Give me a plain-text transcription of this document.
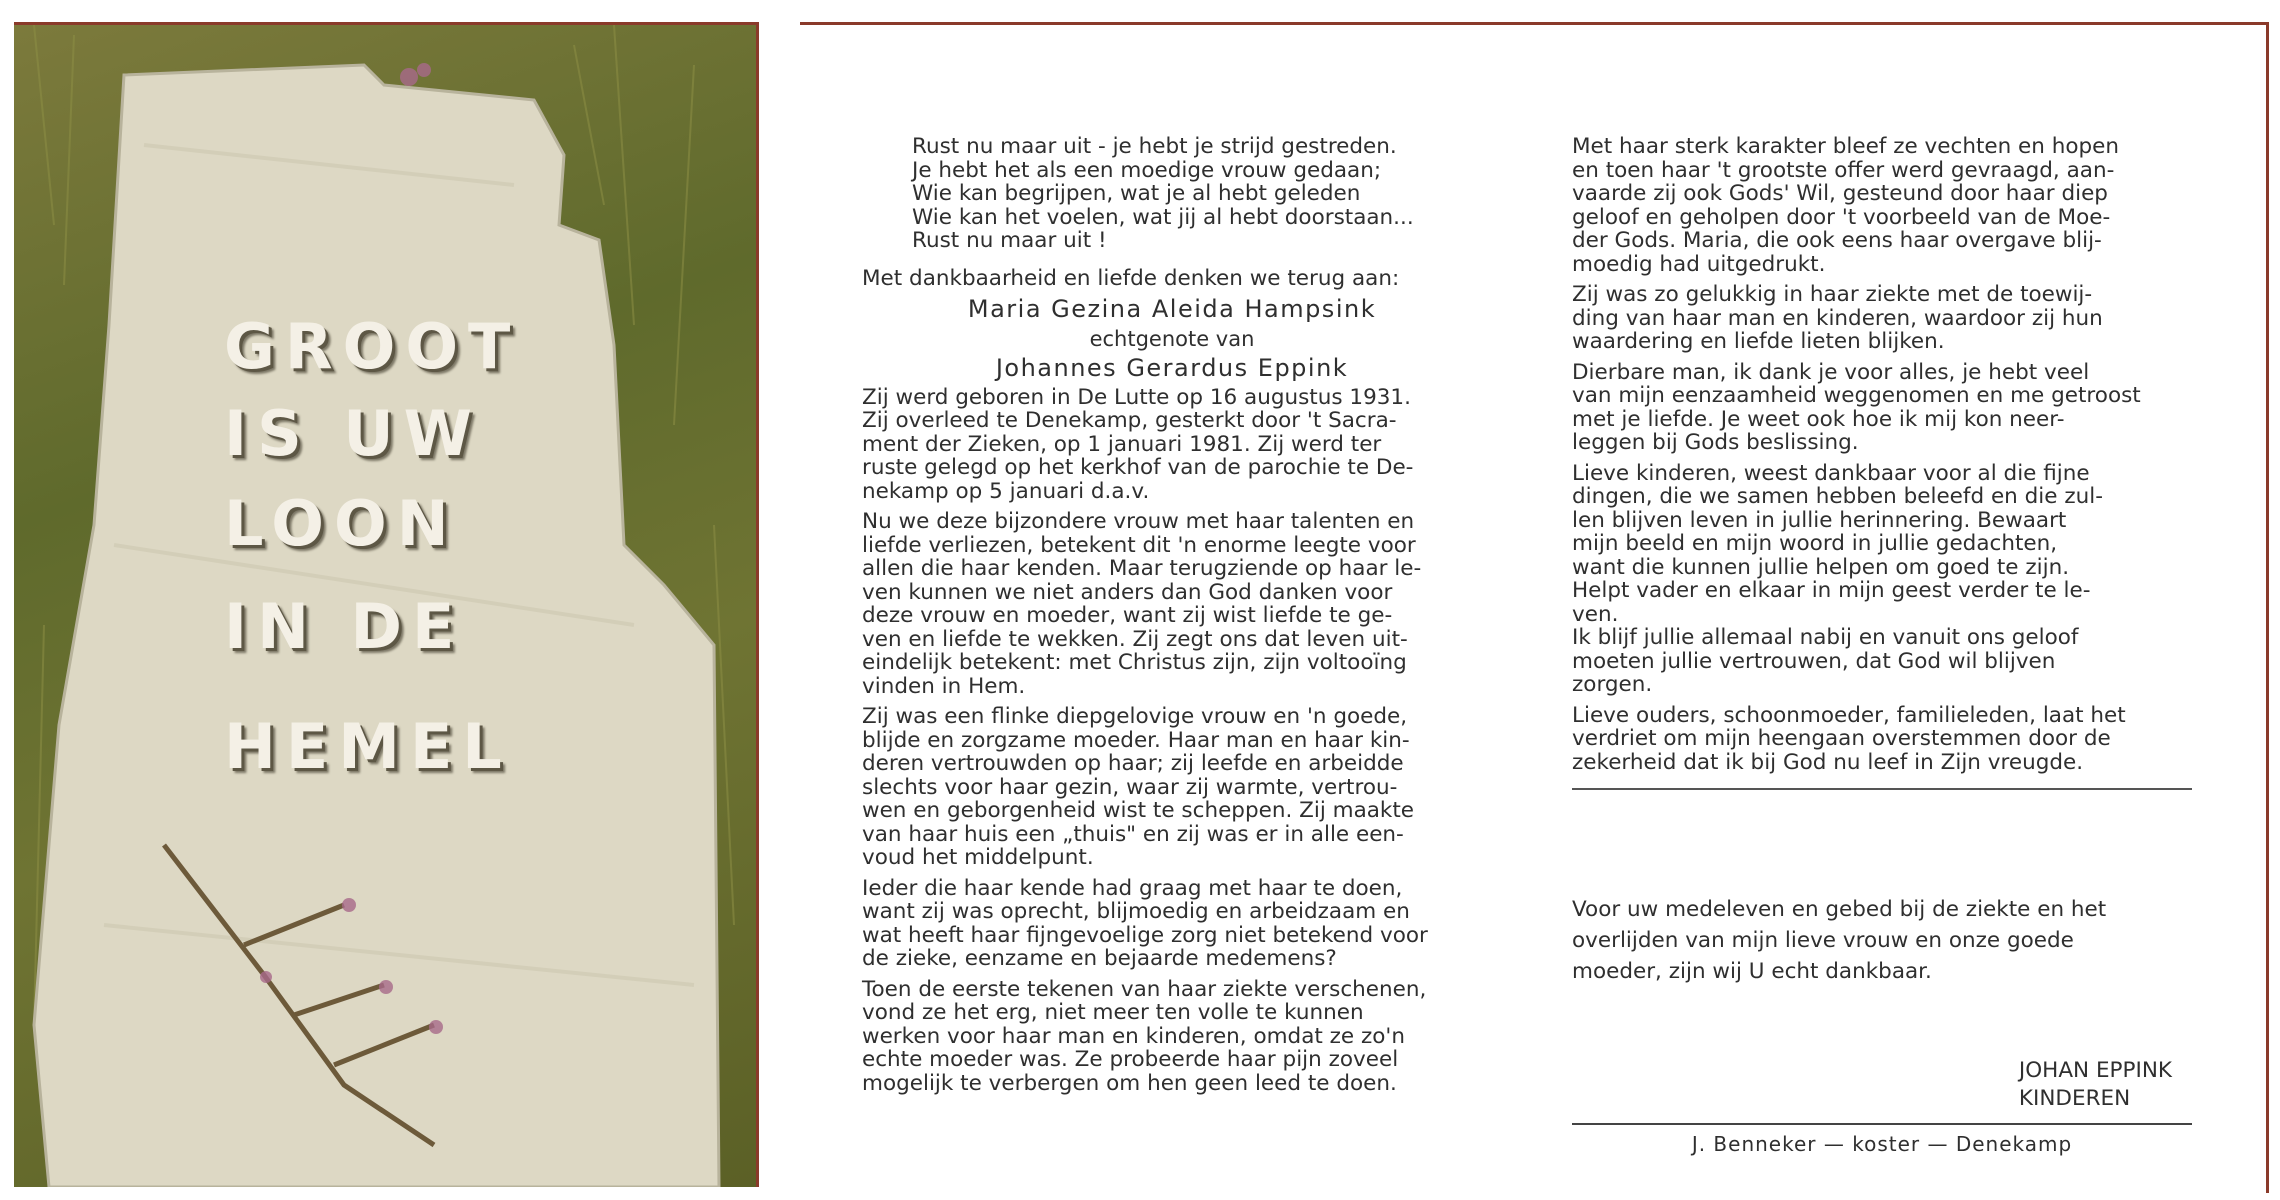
GROOT
IS UW
LOON
IN DE
HEMEL
Rust nu maar uit - je hebt je strijd gestreden.
Je hebt het als een moedige vrouw gedaan;
Wie kan begrijpen, wat je al hebt geleden
Wie kan het voelen, wat jij al hebt doorstaan...
Rust nu maar uit !
Met dankbaarheid en liefde denken we terug aan:
Maria Gezina Aleida Hampsink
echtgenote van
Johannes Gerardus Eppink
Zij werd geboren in De Lutte op 16 augustus 1931.
Zij overleed te Denekamp, gesterkt door 't Sacra-
ment der Zieken, op 1 januari 1981. Zij werd ter
ruste gelegd op het kerkhof van de parochie te De-
nekamp op 5 januari d.a.v.
Nu we deze bijzondere vrouw met haar talenten en
liefde verliezen, betekent dit 'n enorme leegte voor
allen die haar kenden. Maar terugziende op haar le-
ven kunnen we niet anders dan God danken voor
deze vrouw en moeder, want zij wist liefde te ge-
ven en liefde te wekken. Zij zegt ons dat leven uit-
eindelijk betekent: met Christus zijn, zijn voltooïng
vinden in Hem.
Zij was een flinke diepgelovige vrouw en 'n goede,
blijde en zorgzame moeder. Haar man en haar kin-
deren vertrouwden op haar; zij leefde en arbeidde
slechts voor haar gezin, waar zij warmte, vertrou-
wen en geborgenheid wist te scheppen. Zij maakte
van haar huis een „thuis" en zij was er in alle een-
voud het middelpunt.
Ieder die haar kende had graag met haar te doen,
want zij was oprecht, blijmoedig en arbeidzaam en
wat heeft haar fijngevoelige zorg niet betekend voor
de zieke, eenzame en bejaarde medemens?
Toen de eerste tekenen van haar ziekte verschenen,
vond ze het erg, niet meer ten volle te kunnen
werken voor haar man en kinderen, omdat ze zo'n
echte moeder was. Ze probeerde haar pijn zoveel
mogelijk te verbergen om hen geen leed te doen.
Met haar sterk karakter bleef ze vechten en hopen
en toen haar 't grootste offer werd gevraagd, aan-
vaarde zij ook Gods' Wil, gesteund door haar diep
geloof en geholpen door 't voorbeeld van de Moe-
der Gods. Maria, die ook eens haar overgave blij-
moedig had uitgedrukt.
Zij was zo gelukkig in haar ziekte met de toewij-
ding van haar man en kinderen, waardoor zij hun
waardering en liefde lieten blijken.
Dierbare man, ik dank je voor alles, je hebt veel
van mijn eenzaamheid weggenomen en me getroost
met je liefde. Je weet ook hoe ik mij kon neer-
leggen bij Gods beslissing.
Lieve kinderen, weest dankbaar voor al die fijne
dingen, die we samen hebben beleefd en die zul-
len blijven leven in jullie herinnering. Bewaart
mijn beeld en mijn woord in jullie gedachten,
want die kunnen jullie helpen om goed te zijn.
Helpt vader en elkaar in mijn geest verder te le-
ven.
Ik blijf jullie allemaal nabij en vanuit ons geloof
moeten jullie vertrouwen, dat God wil blijven
zorgen.
Lieve ouders, schoonmoeder, familieleden, laat het
verdriet om mijn heengaan overstemmen door de
zekerheid dat ik bij God nu leef in Zijn vreugde.
Voor uw medeleven en gebed bij de ziekte en het
overlijden van mijn lieve vrouw en onze goede
moeder, zijn wij U echt dankbaar.
JOHAN EPPINK
KINDEREN
J. Benneker — koster — Denekamp
